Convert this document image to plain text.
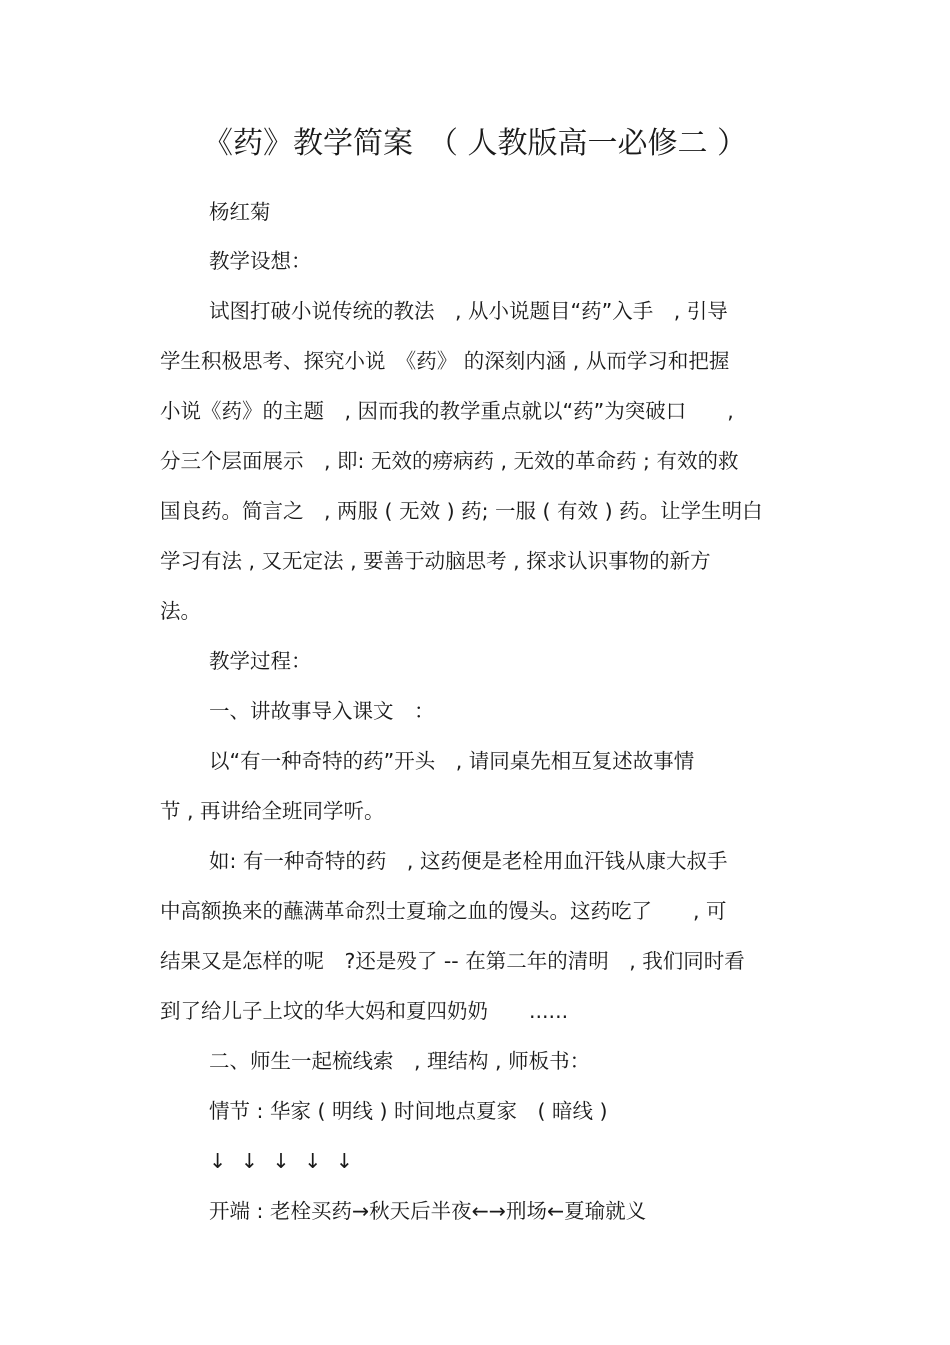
《药》教学简案　（ 人教版高一必修二 ）

杨红菊

教学设想：

试图打破小说传统的教法　, 从小说题目“药”入手　, 引导

学生积极思考、探究小说　《药》 的深刻内涵 , 从而学习和把握

小说《药》的主题　, 因而我的教学重点就以“药”为突破口　　,

分三个层面展示　, 即: 无效的痨病药 , 无效的革命药 ; 有效的救

国良药。简言之　, 两服 ( 无效 ) 药; 一服 ( 有效 ) 药。让学生明白

学习有法 , 又无定法 , 要善于动脑思考 , 探求认识事物的新方

法。

教学过程：

一、讲故事导入课文　：

以“有一种奇特的药”开头　, 请同桌先相互复述故事情

节 , 再讲给全班同学听。

如: 有一种奇特的药　, 这药便是老栓用血汗钱从康大叔手

中高额换来的蘸满革命烈士夏瑜之血的馒头。这药吃了　　, 可

结果又是怎样的呢　?还是殁了 -- 在第二年的清明　, 我们同时看

到了给儿子上坟的华大妈和夏四奶奶　　......

二、师生一起梳线索　, 理结构 , 师板书：

情节 : 华家 ( 明线 ) 时间地点夏家　( 暗线 )

↓ ↓ ↓ ↓ ↓

开端 : 老栓买药→秋天后半夜←→刑场←夏瑜就义
